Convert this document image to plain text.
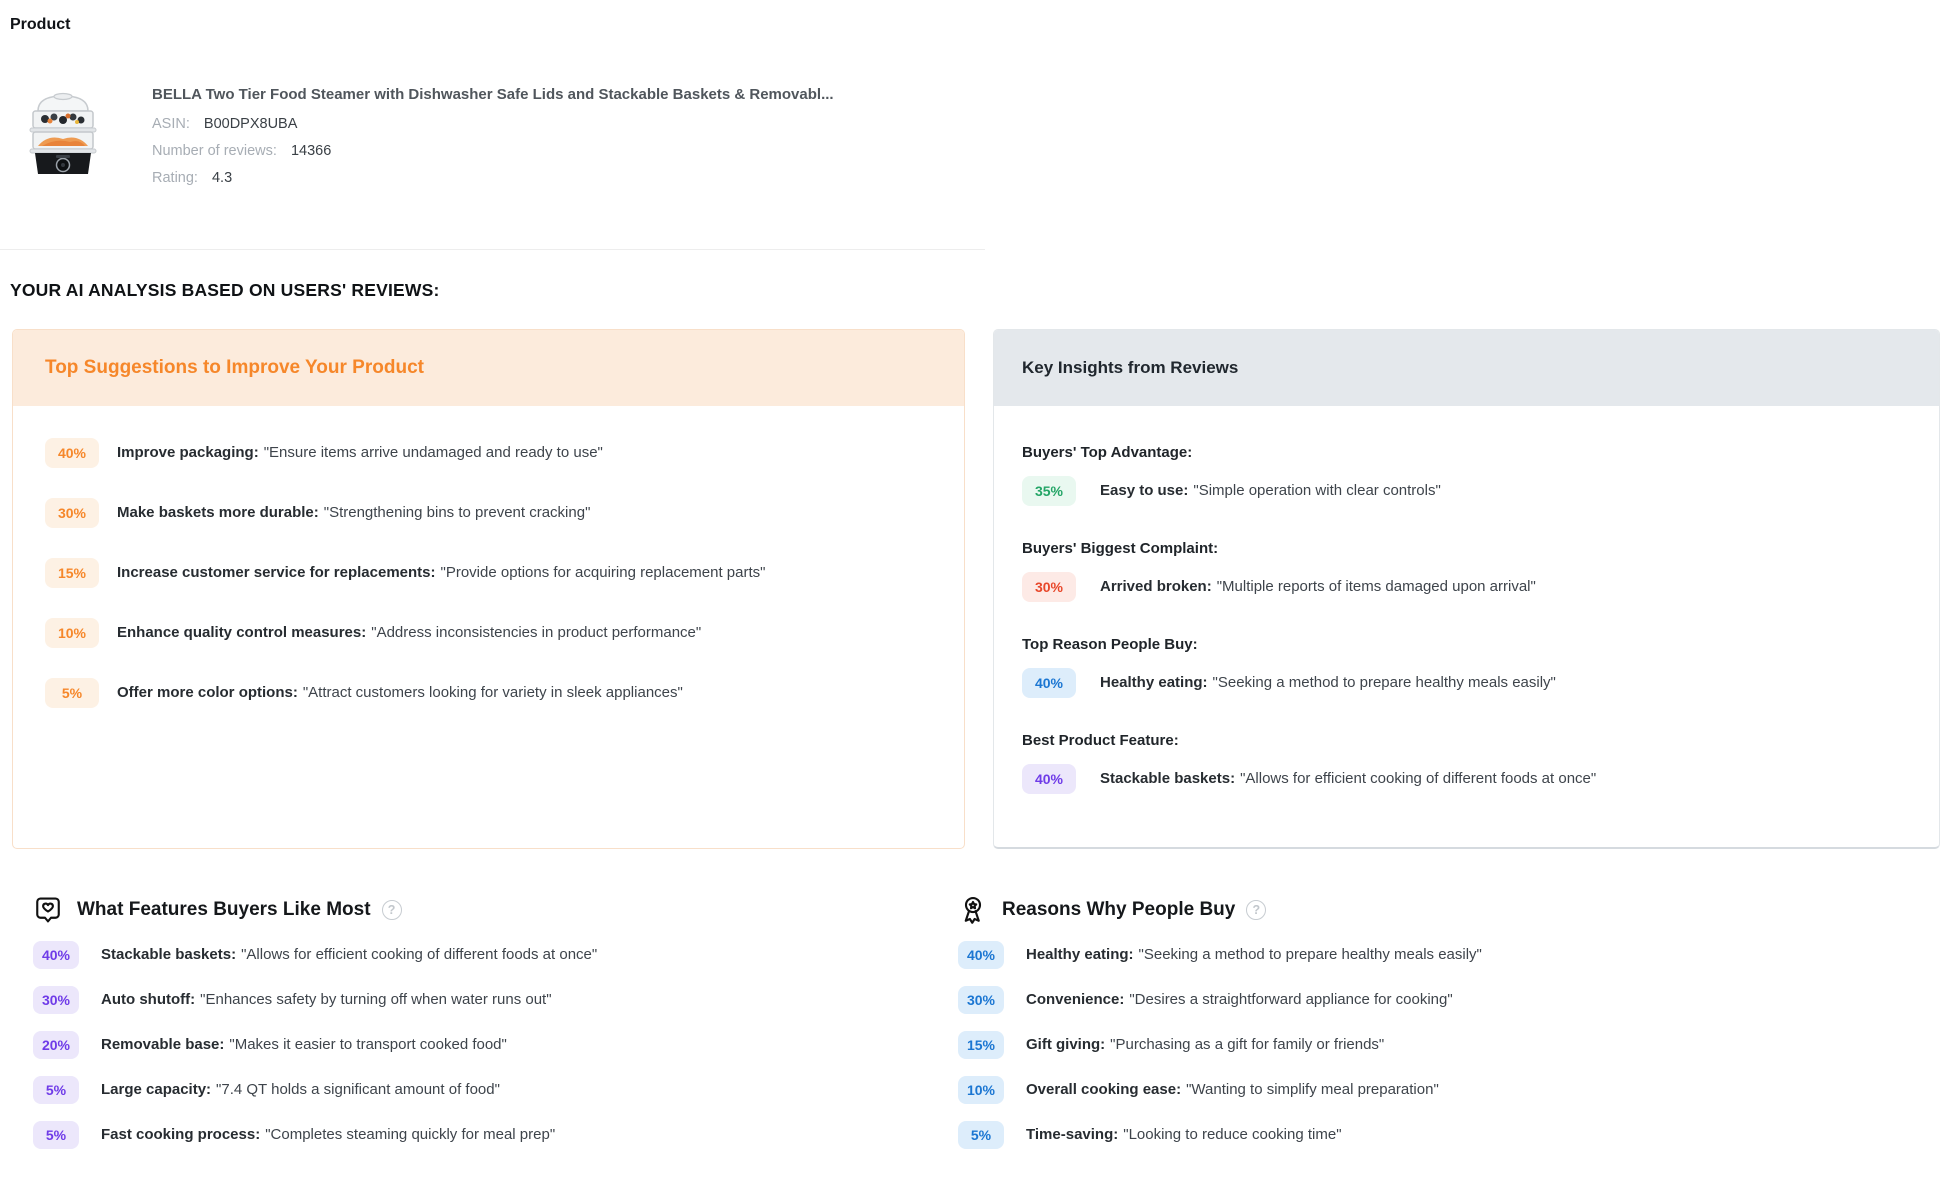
Product
BELLA Two Tier Food Steamer with Dishwasher Safe Lids and Stackable Baskets & Removabl...
ASIN: B00DPX8UBA
Number of reviews: 14366
Rating: 4.3
YOUR AI ANALYSIS BASED ON USERS' REVIEWS:
Top Suggestions to Improve Your Product
40%	Improve packaging: "Ensure items arrive undamaged and ready to use"

30%	Make baskets more durable: "Strengthening bins to prevent cracking"

15%	Increase customer service for replacements: "Provide options for acquiring replacement parts"

10%	Enhance quality control measures: "Address inconsistencies in product performance"

5%	Offer more color options: "Attract customers looking for variety in sleek appliances"

Key Insights from Reviews
Buyers' Top Advantage:
35%	Easy to use: "Simple operation with clear controls"

Buyers' Biggest Complaint:
30%	Arrived broken: "Multiple reports of items damaged upon arrival"

Top Reason People Buy:
40%	Healthy eating: "Seeking a method to prepare healthy meals easily"

Best Product Feature:
40%	Stackable baskets: "Allows for efficient cooking of different foods at once"

What Features Buyers Like Most	?
40%	Stackable baskets: "Allows for efficient cooking of different foods at once"

30%	Auto shutoff: "Enhances safety by turning off when water runs out"

20%	Removable base: "Makes it easier to transport cooked food"

5%	Large capacity: "7.4 QT holds a significant amount of food"

5%	Fast cooking process: "Completes steaming quickly for meal prep"

Reasons Why People Buy	?
40%	Healthy eating: "Seeking a method to prepare healthy meals easily"

30%	Convenience: "Desires a straightforward appliance for cooking"

15%	Gift giving: "Purchasing as a gift for family or friends"

10%	Overall cooking ease: "Wanting to simplify meal preparation"

5%	Time-saving: "Looking to reduce cooking time"
